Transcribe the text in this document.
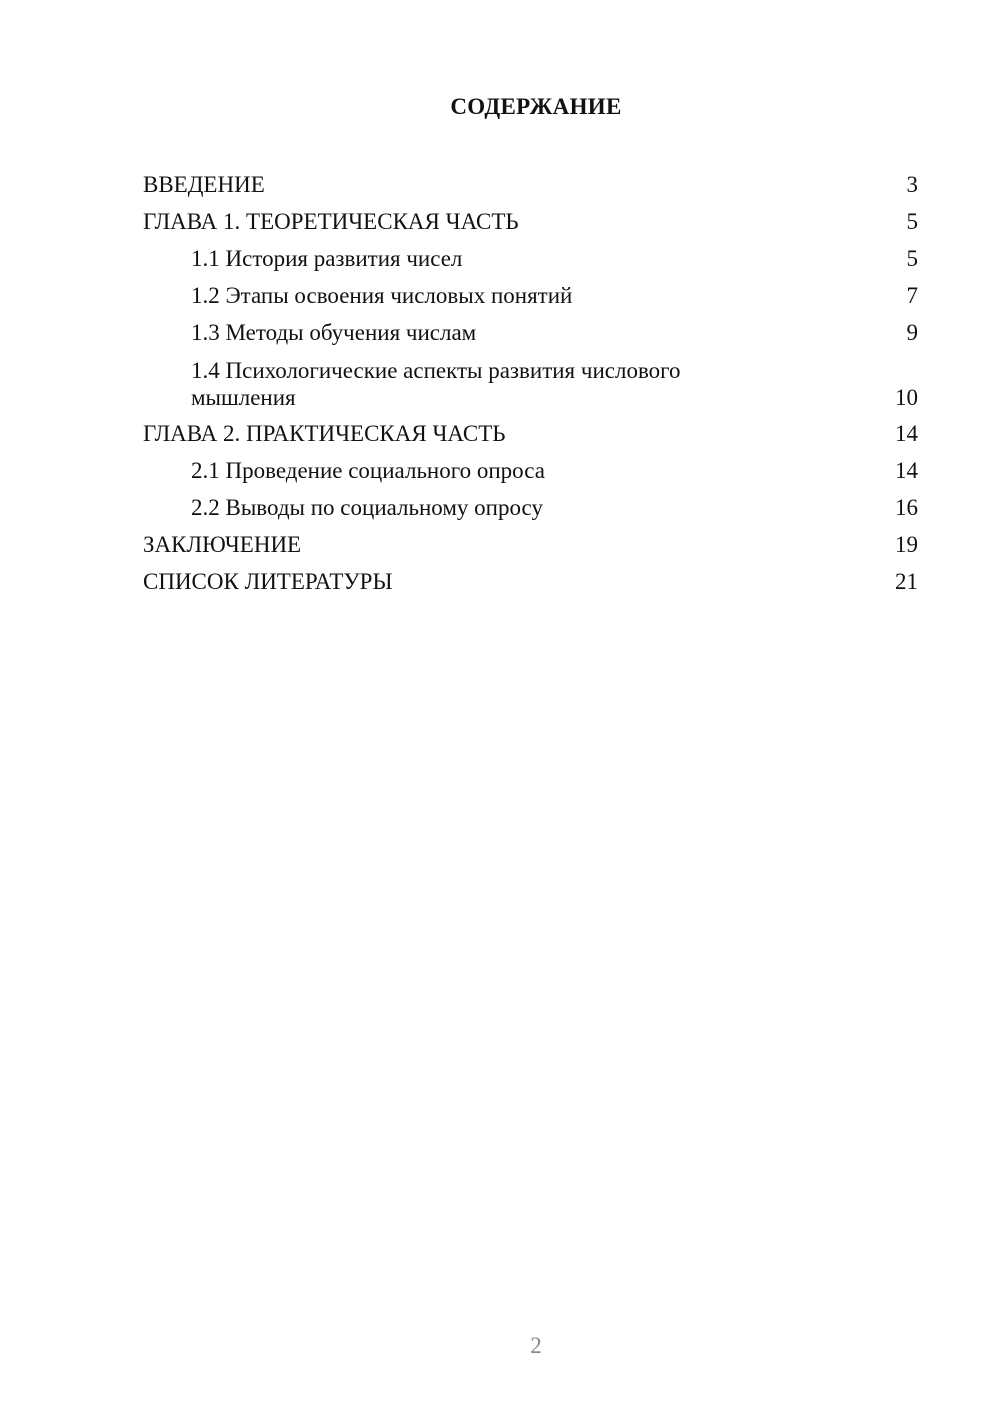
СОДЕРЖАНИЕ
ВВЕДЕНИЕ	3
ГЛАВА 1. ТЕОРЕТИЧЕСКАЯ ЧАСТЬ	5
1.1 История развития чисел	5
1.2 Этапы освоения числовых понятий	7
1.3 Методы обучения числам	9
1.4 Психологические аспекты развития числового мышления	10
ГЛАВА 2. ПРАКТИЧЕСКАЯ ЧАСТЬ	14
2.1 Проведение социального опроса	14
2.2 Выводы по социальному опросу	16
ЗАКЛЮЧЕНИЕ	19
СПИСОК ЛИТЕРАТУРЫ	21
2
